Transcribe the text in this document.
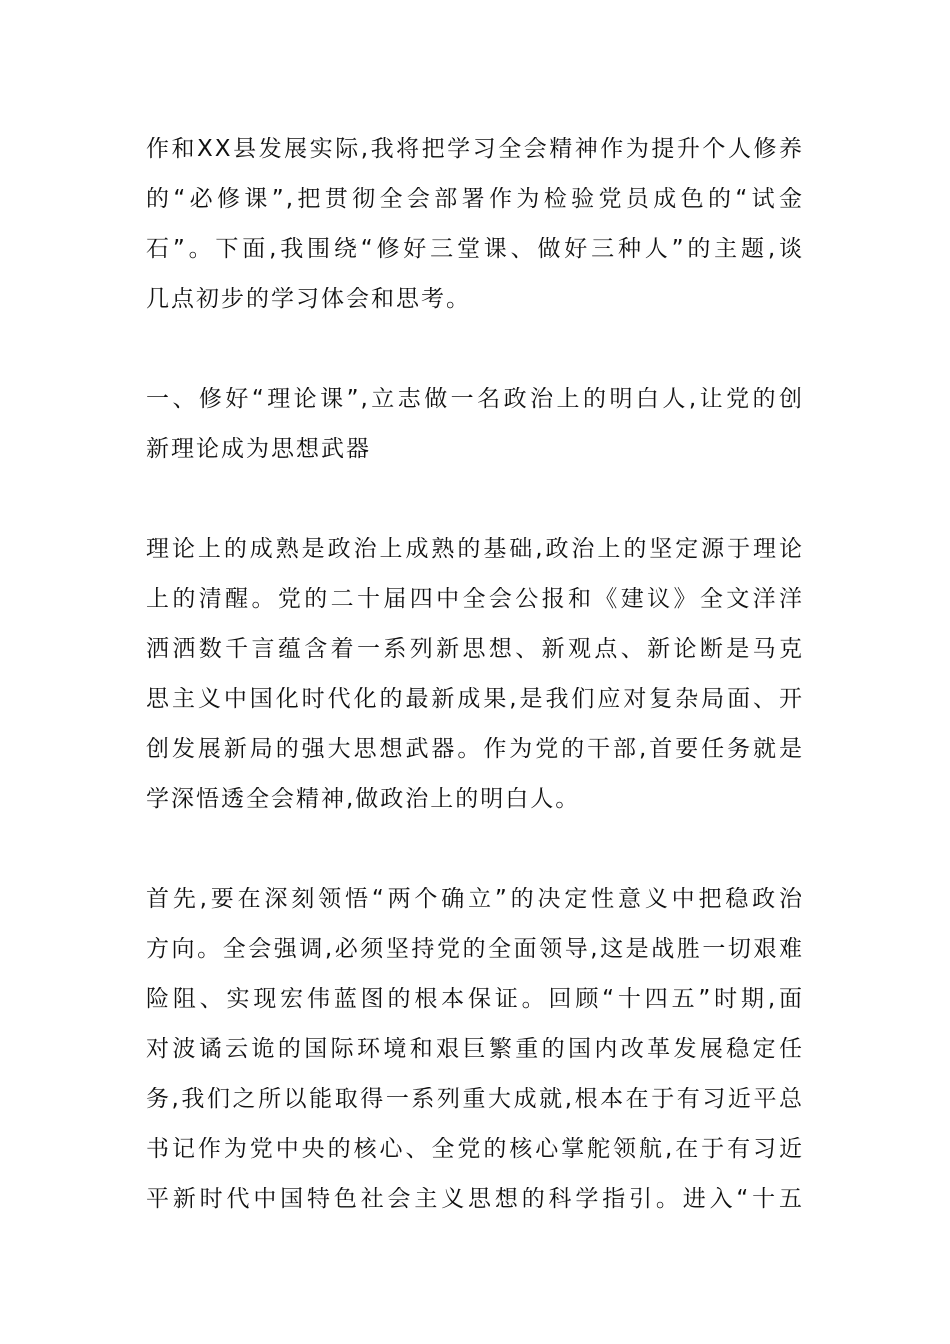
作和XX县发展实际,我将把学习全会精神作为提升个人修养
的“必修课”,把贯彻全会部署作为检验党员成色的“试金
石”。下面,我围绕“修好三堂课、做好三种人”的主题,谈
几点初步的学习体会和思考。
一、修好“理论课”,立志做一名政治上的明白人,让党的创
新理论成为思想武器
理论上的成熟是政治上成熟的基础,政治上的坚定源于理论
上的清醒。党的二十届四中全会公报和《建议》全文洋洋
洒洒数千言蕴含着一系列新思想、新观点、新论断是马克
思主义中国化时代化的最新成果,是我们应对复杂局面、开
创发展新局的强大思想武器。作为党的干部,首要任务就是
学深悟透全会精神,做政治上的明白人。
首先,要在深刻领悟“两个确立”的决定性意义中把稳政治
方向。全会强调,必须坚持党的全面领导,这是战胜一切艰难
险阻、实现宏伟蓝图的根本保证。回顾“十四五”时期,面
对波谲云诡的国际环境和艰巨繁重的国内改革发展稳定任
务,我们之所以能取得一系列重大成就,根本在于有习近平总
书记作为党中央的核心、全党的核心掌舵领航,在于有习近
平新时代中国特色社会主义思想的科学指引。进入“十五
